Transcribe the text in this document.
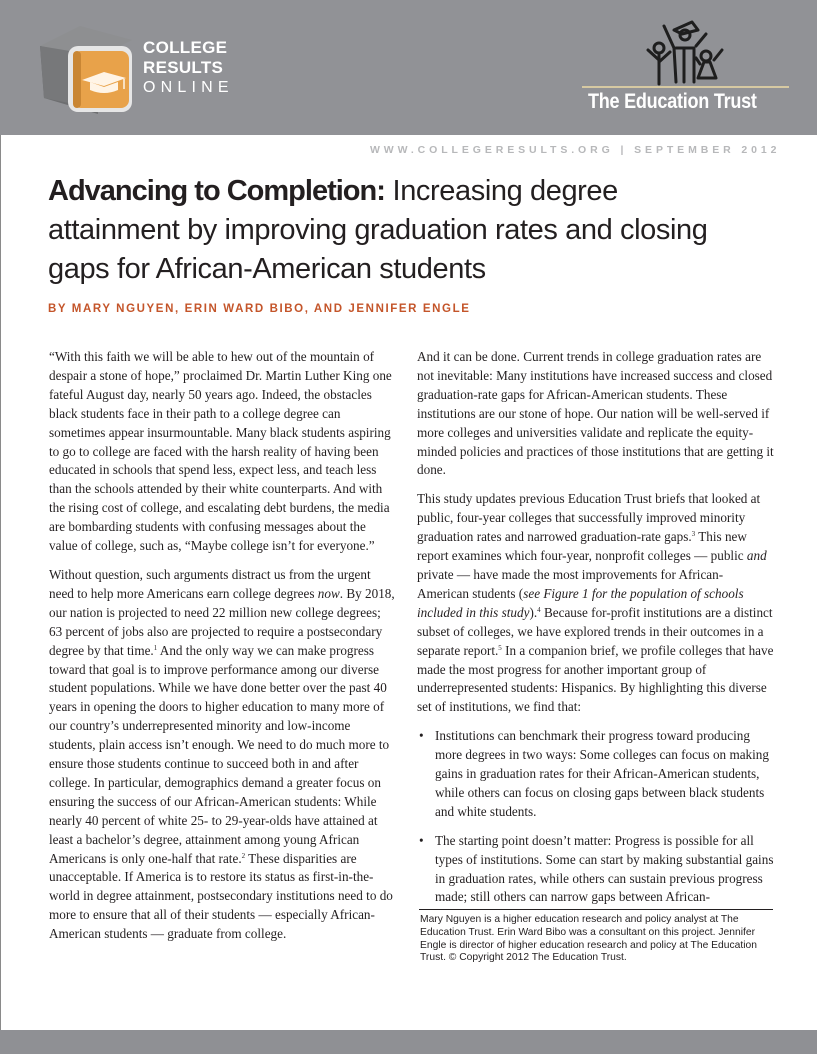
COLLEGE
RESULTS
ONLINE
The Education Trust
WWW.COLLEGERESULTS.ORG | SEPTEMBER 2012
Advancing to Completion: Increasing degree attainment by improving graduation rates and closing gaps for African-American students
BY MARY NGUYEN, ERIN WARD BIBO, AND JENNIFER ENGLE

“With this faith we will be able to hew out of the mountain of despair a stone of hope,” proclaimed Dr. Martin Luther King one fateful August day, nearly 50 years ago. Indeed, the obstacles black students face in their path to a college degree can sometimes appear insurmountable. Many black students aspiring to go to college are faced with the harsh reality of having been educated in schools that spend less, expect less, and teach less than the schools attended by their white counterparts. And with the rising cost of college, and escalating debt burdens, the media are bombarding students with confusing messages about the value of college, such as, “Maybe college isn’t for everyone.”

Without question, such arguments distract us from the urgent need to help more Americans earn college degrees now. By 2018, our nation is projected to need 22 million new college degrees; 63 percent of jobs also are projected to require a postsecondary degree by that time.$^1$ And the only way we can make progress toward that goal is to improve performance among our diverse student populations. While we have done better over the past 40 years in opening the doors to higher education to many more of our country’s underrepresented minority and low-income students, plain access isn’t enough. We need to do much more to ensure those students continue to succeed both in and after college. In particular, demographics demand a greater focus on ensuring the success of our African-American students: While nearly 40 percent of white 25- to 29-year-olds have attained at least a bachelor’s degree, attainment among young African Americans is only one-half that rate.$^2$ These disparities are unacceptable. If America is to restore its status as first-in-the-world in degree attainment, postsecondary institutions need to do more to ensure that all of their students — especially African-American students — graduate from college.

And it can be done. Current trends in college graduation rates are not inevitable: Many institutions have increased success and closed graduation-rate gaps for African-American students. These institutions are our stone of hope. Our nation will be well-served if more colleges and universities validate and replicate the equity-minded policies and practices of those institutions that are getting it done.

This study updates previous Education Trust briefs that looked at public, four-year colleges that successfully improved minority graduation rates and narrowed graduation-rate gaps.$^3$ This new report examines which four-year, nonprofit colleges — public and private — have made the most improvements for African-American students (see Figure 1 for the population of schools included in this study).$^4$ Because for-profit institutions are a distinct subset of colleges, we have explored trends in their outcomes in a separate report.$^5$ In a companion brief, we profile colleges that have made the most progress for another important group of underrepresented students: Hispanics. By highlighting this diverse set of institutions, we find that:

• Institutions can benchmark their progress toward producing more degrees in two ways: Some colleges can focus on making gains in graduation rates for their African-American students, while others can focus on closing gaps between black students and white students.
• The starting point doesn’t matter: Progress is possible for all types of institutions. Some can start by making substantial gains in graduation rates, while others can sustain previous progress made; still others can narrow gaps between African-
Mary Nguyen is a higher education research and policy analyst at The Education Trust. Erin Ward Bibo was a consultant on this project. Jennifer Engle is director of higher education research and policy at The Education Trust. © Copyright 2012 The Education Trust.
